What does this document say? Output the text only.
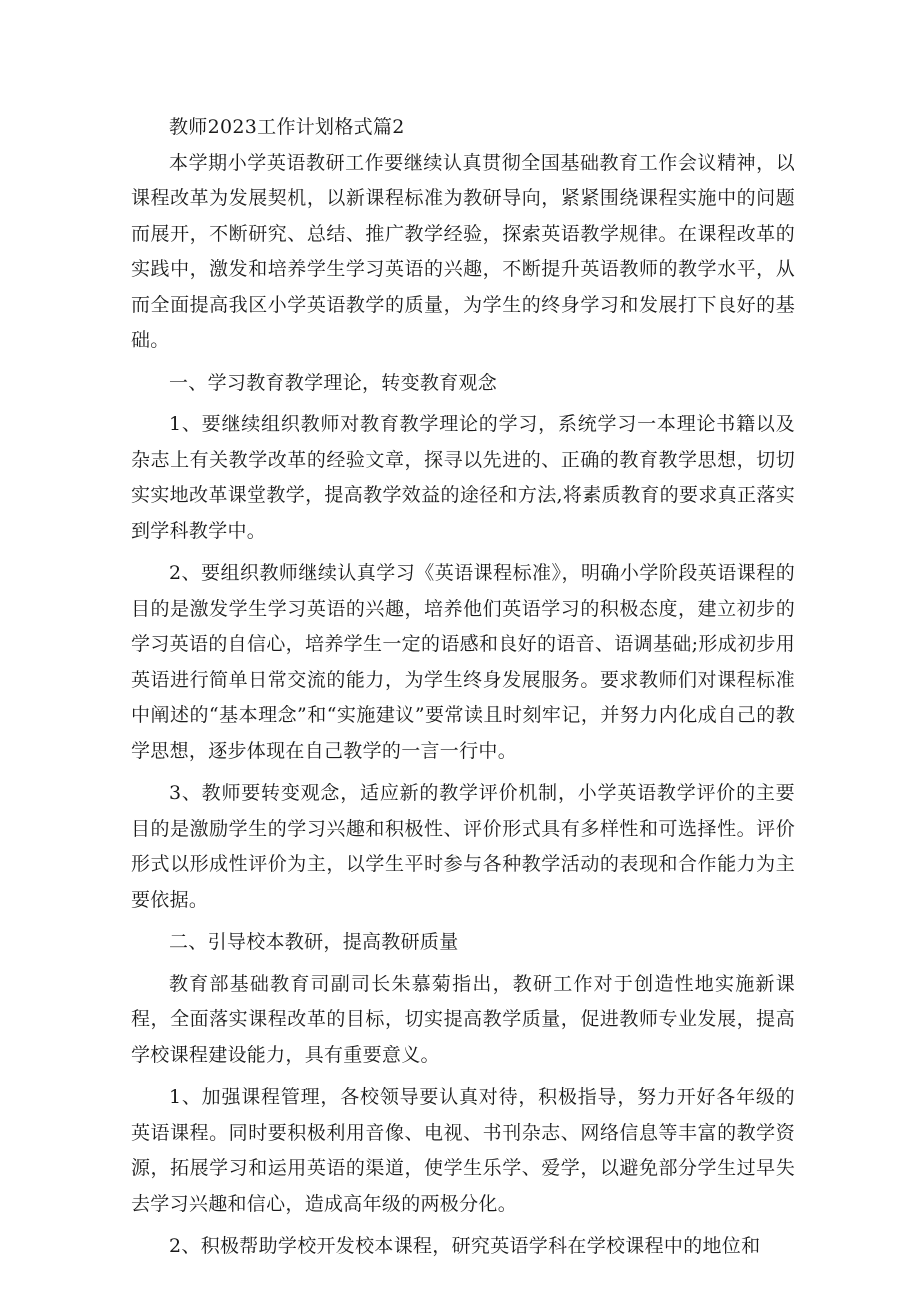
教师2023工作计划格式篇2

本学期小学英语教研工作要继续认真贯彻全国基础教育工作会议精神，以课程改革为发展契机，以新课程标准为教研导向，紧紧围绕课程实施中的问题而展开，不断研究、总结、推广教学经验，探索英语教学规律。在课程改革的实践中，激发和培养学生学习英语的兴趣，不断提升英语教师的教学水平，从而全面提高我区小学英语教学的质量，为学生的终身学习和发展打下良好的基础。

一、学习教育教学理论，转变教育观念

1、要继续组织教师对教育教学理论的学习，系统学习一本理论书籍以及杂志上有关教学改革的经验文章，探寻以先进的、正确的教育教学思想，切切实实地改革课堂教学，提高教学效益的途径和方法,将素质教育的要求真正落实到学科教学中。

2、要组织教师继续认真学习《英语课程标准》，明确小学阶段英语课程的目的是激发学生学习英语的兴趣，培养他们英语学习的积极态度，建立初步的学习英语的自信心，培养学生一定的语感和良好的语音、语调基础;形成初步用英语进行简单日常交流的能力，为学生终身发展服务。要求教师们对课程标准中阐述的“基本理念”和“实施建议”要常读且时刻牢记，并努力内化成自己的教学思想，逐步体现在自己教学的一言一行中。

3、教师要转变观念，适应新的教学评价机制，小学英语教学评价的主要目的是激励学生的学习兴趣和积极性、评价形式具有多样性和可选择性。评价形式以形成性评价为主，以学生平时参与各种教学活动的表现和合作能力为主要依据。

二、引导校本教研，提高教研质量

教育部基础教育司副司长朱慕菊指出，教研工作对于创造性地实施新课程，全面落实课程改革的目标，切实提高教学质量，促进教师专业发展，提高学校课程建设能力，具有重要意义。

1、加强课程管理，各校领导要认真对待，积极指导，努力开好各年级的英语课程。同时要积极利用音像、电视、书刊杂志、网络信息等丰富的教学资源，拓展学习和运用英语的渠道，使学生乐学、爱学，以避免部分学生过早失去学习兴趣和信心，造成高年级的两极分化。

2、积极帮助学校开发校本课程，研究英语学科在学校课程中的地位和
